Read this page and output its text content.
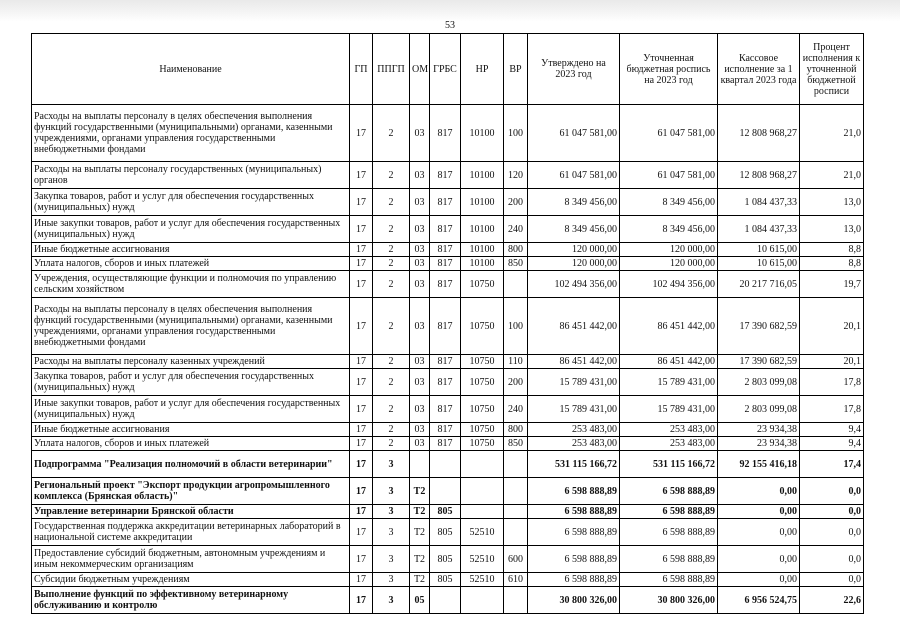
53
Наименование	ГП	ППГП	ОМ	ГРБС	НР	ВР	Утверждено на 2023 год	Уточненная бюджетная роспись на 2023 год	Кассовое исполнение за 1 квартал 2023 года	Процент исполнения к уточненной бюджетной росписи
Расходы на выплаты персоналу в целях обеспечения выполнения функций государственными (муниципальными) органами, казенными учреждениями, органами управления государственными внебюджетными фондами	17	2	03	817	10100	100	61 047 581,00	61 047 581,00	12 808 968,27	21,0
Расходы на выплаты персоналу государственных (муниципальных) органов	17	2	03	817	10100	120	61 047 581,00	61 047 581,00	12 808 968,27	21,0
Закупка товаров, работ и услуг для обеспечения государственных (муниципальных) нужд	17	2	03	817	10100	200	8 349 456,00	8 349 456,00	1 084 437,33	13,0
Иные закупки товаров, работ и услуг для обеспечения государственных (муниципальных) нужд	17	2	03	817	10100	240	8 349 456,00	8 349 456,00	1 084 437,33	13,0
Иные бюджетные ассигнования	17	2	03	817	10100	800	120 000,00	120 000,00	10 615,00	8,8
Уплата налогов, сборов и иных платежей	17	2	03	817	10100	850	120 000,00	120 000,00	10 615,00	8,8
Учреждения, осуществляющие функции и полномочия по управлению сельским хозяйством	17	2	03	817	10750		102 494 356,00	102 494 356,00	20 217 716,05	19,7
Расходы на выплаты персоналу в целях обеспечения выполнения функций государственными (муниципальными) органами, казенными учреждениями, органами управления государственными внебюджетными фондами	17	2	03	817	10750	100	86 451 442,00	86 451 442,00	17 390 682,59	20,1
Расходы на выплаты персоналу казенных учреждений	17	2	03	817	10750	110	86 451 442,00	86 451 442,00	17 390 682,59	20,1
Закупка товаров, работ и услуг для обеспечения государственных (муниципальных) нужд	17	2	03	817	10750	200	15 789 431,00	15 789 431,00	2 803 099,08	17,8
Иные закупки товаров, работ и услуг для обеспечения государственных (муниципальных) нужд	17	2	03	817	10750	240	15 789 431,00	15 789 431,00	2 803 099,08	17,8
Иные бюджетные ассигнования	17	2	03	817	10750	800	253 483,00	253 483,00	23 934,38	9,4
Уплата налогов, сборов и иных платежей	17	2	03	817	10750	850	253 483,00	253 483,00	23 934,38	9,4
Подпрограмма "Реализация полномочий в области ветеринарии"	17	3					531 115 166,72	531 115 166,72	92 155 416,18	17,4
Региональный проект "Экспорт продукции агропромышленного комплекса (Брянская область)"	17	3	T2				6 598 888,89	6 598 888,89	0,00	0,0
Управление ветеринарии Брянской области	17	3	T2	805			6 598 888,89	6 598 888,89	0,00	0,0
Государственная поддержка аккредитации ветеринарных лабораторий в национальной системе аккредитации	17	3	T2	805	52510		6 598 888,89	6 598 888,89	0,00	0,0
Предоставление субсидий бюджетным, автономным учреждениям и иным некоммерческим организациям	17	3	T2	805	52510	600	6 598 888,89	6 598 888,89	0,00	0,0
Субсидии бюджетным учреждениям	17	3	T2	805	52510	610	6 598 888,89	6 598 888,89	0,00	0,0
Выполнение функций по эффективному ветеринарному обслуживанию и контролю	17	3	05				30 800 326,00	30 800 326,00	6 956 524,75	22,6
